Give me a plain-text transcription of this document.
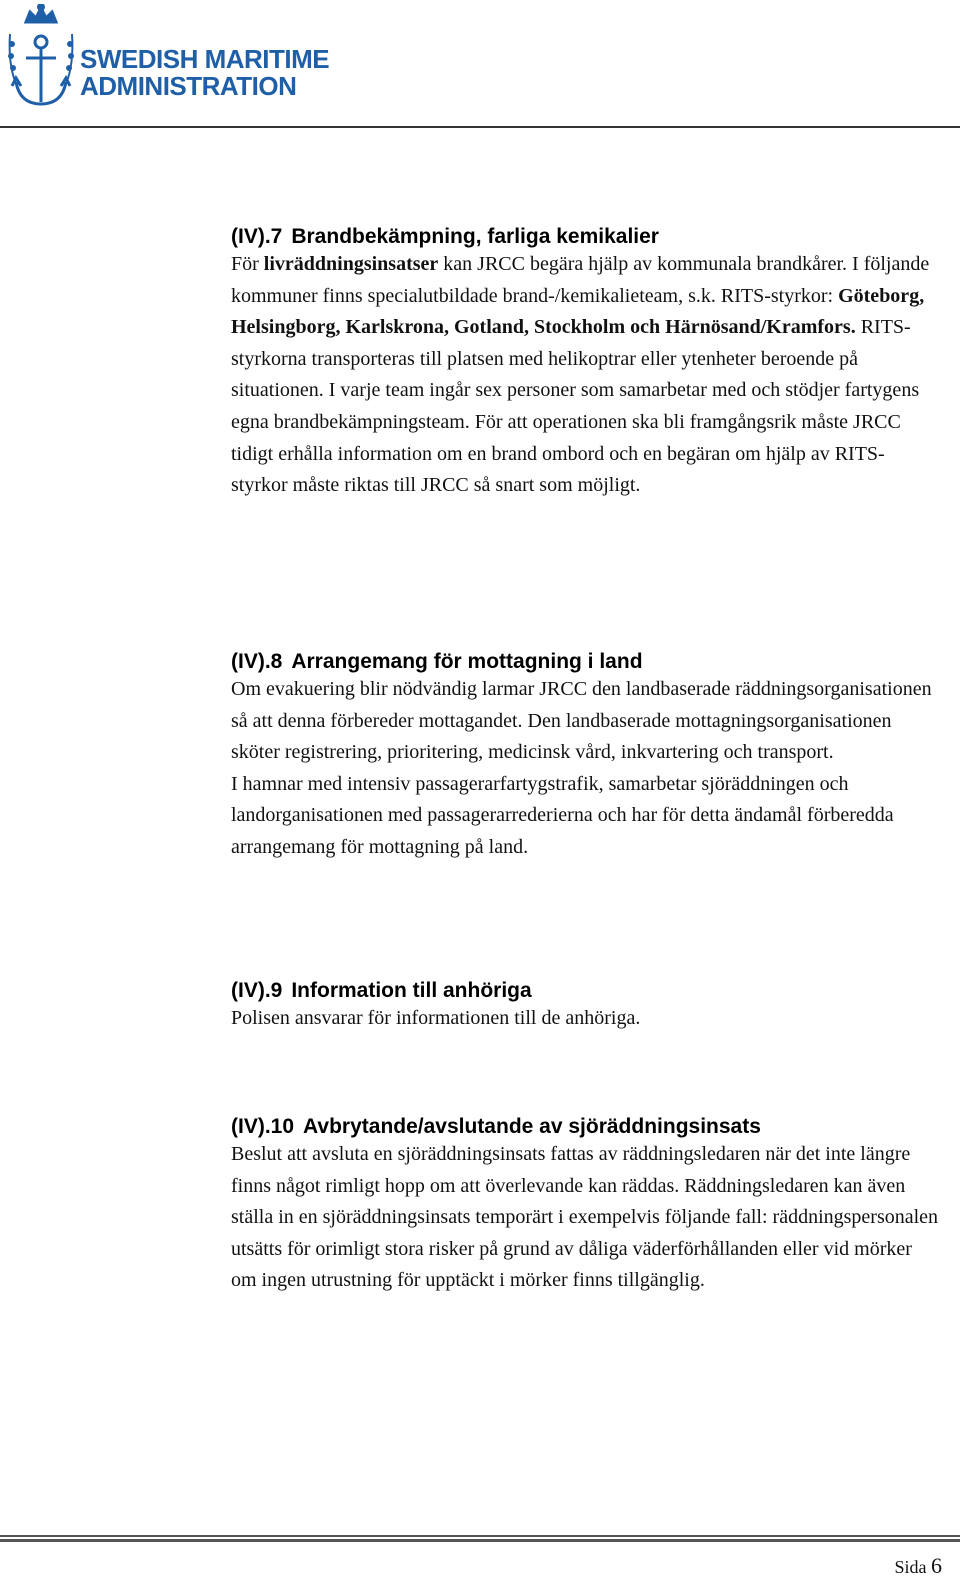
SWEDISH MARITIME
ADMINISTRATION
(IV).7 Brandbekämpning, farliga kemikalier

För livräddningsinsatser kan JRCC begära hjälp av kommunala brandkårer. I följande kommuner finns specialutbildade brand-/kemikalieteam, s.k. RITS-styrkor: Göteborg, Helsingborg, Karlskrona, Gotland, Stockholm och Härnösand/Kramfors. RITS-styrkorna transporteras till platsen med helikoptrar eller ytenheter beroende på situationen. I varje team ingår sex personer som samarbetar med och stödjer fartygens egna brandbekämpningsteam. För att operationen ska bli framgångsrik måste JRCC tidigt erhålla information om en brand ombord och en begäran om hjälp av RITS-styrkor måste riktas till JRCC så snart som möjligt.

(IV).8 Arrangemang för mottagning i land

Om evakuering blir nödvändig larmar JRCC den landbaserade räddningsorganisationen så att denna förbereder mottagandet. Den landbaserade mottagningsorganisationen sköter registrering, prioritering, medicinsk vård, inkvartering och transport.

I hamnar med intensiv passagerarfartygstrafik, samarbetar sjöräddningen och landorganisationen med passagerarrederierna och har för detta ändamål förberedda arrangemang för mottagning på land.

(IV).9 Information till anhöriga

Polisen ansvarar för informationen till de anhöriga.

(IV).10 Avbrytande/avslutande av sjöräddningsinsats

Beslut att avsluta en sjöräddningsinsats fattas av räddningsledaren när det inte längre finns något rimligt hopp om att överlevande kan räddas. Räddningsledaren kan även ställa in en sjöräddningsinsats temporärt i exempelvis följande fall: räddningspersonalen utsätts för orimligt stora risker på grund av dåliga väderförhållanden eller vid mörker om ingen utrustning för upptäckt i mörker finns tillgänglig.

Sida 6
